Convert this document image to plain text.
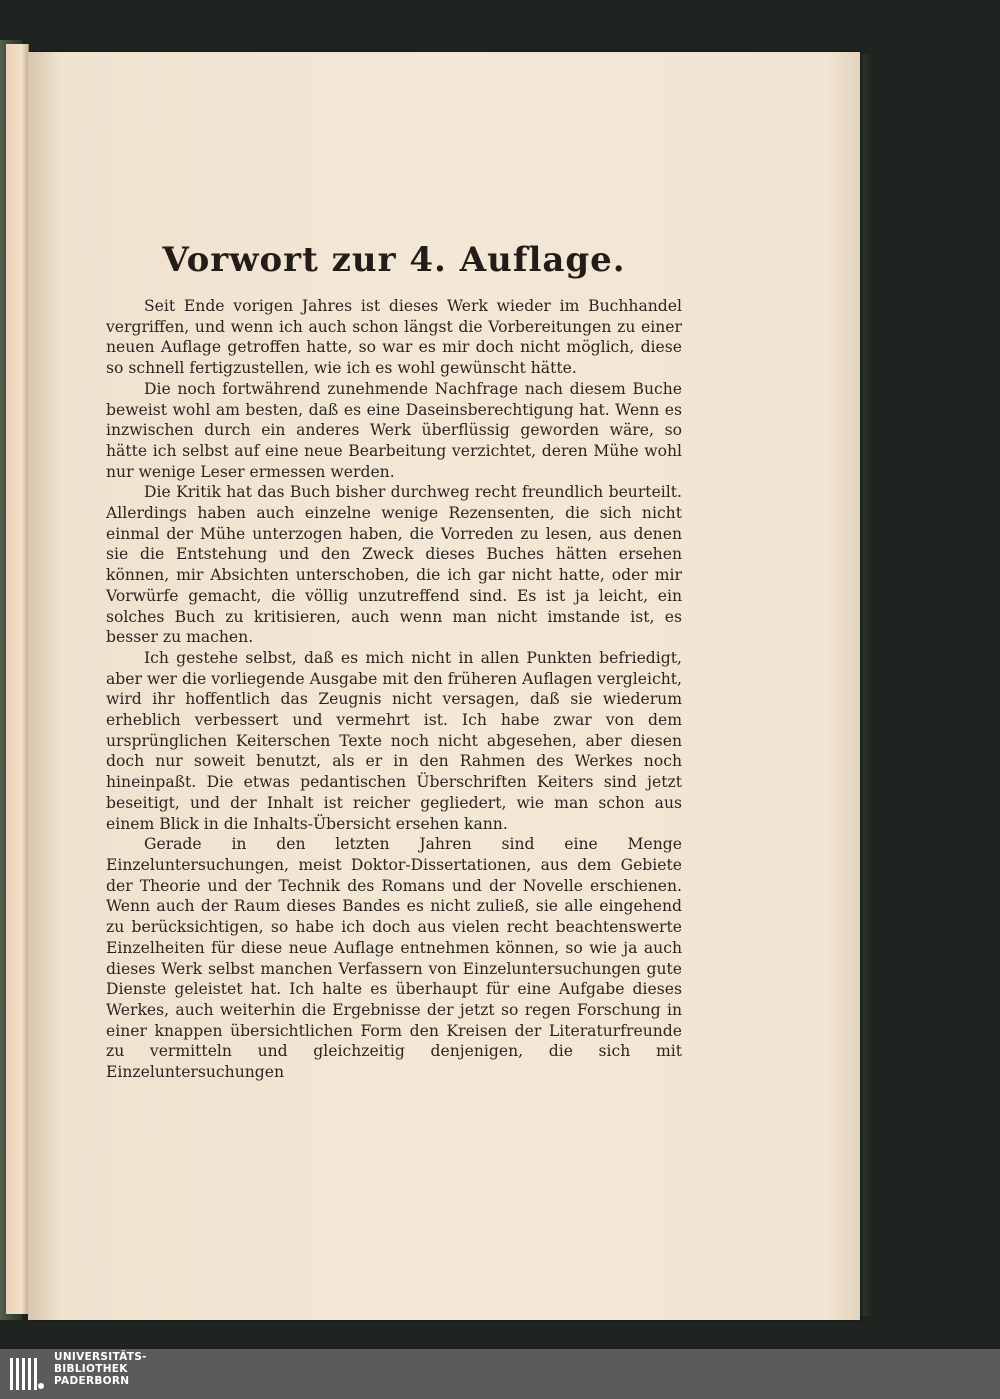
Vorwort zur 4. Auflage.

Seit Ende vorigen Jahres ist dieses Werk wieder im Buchhandel vergriffen, und wenn ich auch schon längst die Vorbereitungen zu einer neuen Auflage getroffen hatte, so war es mir doch nicht möglich, diese so schnell fertigzustellen, wie ich es wohl gewünscht hätte.

Die noch fortwährend zunehmende Nachfrage nach diesem Buche beweist wohl am besten, daß es eine Daseinsberechtigung hat. Wenn es inzwischen durch ein anderes Werk überflüssig geworden wäre, so hätte ich selbst auf eine neue Bearbeitung verzichtet, deren Mühe wohl nur wenige Leser ermessen werden.

Die Kritik hat das Buch bisher durchweg recht freundlich beurteilt. Allerdings haben auch einzelne wenige Rezensenten, die sich nicht einmal der Mühe unterzogen haben, die Vorreden zu lesen, aus denen sie die Entstehung und den Zweck dieses Buches hätten ersehen können, mir Absichten unterschoben, die ich gar nicht hatte, oder mir Vorwürfe gemacht, die völlig unzutreffend sind. Es ist ja leicht, ein solches Buch zu kritisieren, auch wenn man nicht imstande ist, es besser zu machen.

Ich gestehe selbst, daß es mich nicht in allen Punkten befriedigt, aber wer die vorliegende Ausgabe mit den früheren Auflagen vergleicht, wird ihr hoffentlich das Zeugnis nicht versagen, daß sie wiederum erheblich verbessert und vermehrt ist. Ich habe zwar von dem ursprünglichen Keiterschen Texte noch nicht abgesehen, aber diesen doch nur soweit benutzt, als er in den Rahmen des Werkes noch hineinpaßt. Die etwas pedantischen Überschriften Keiters sind jetzt beseitigt, und der Inhalt ist reicher gegliedert, wie man schon aus einem Blick in die Inhalts-Übersicht ersehen kann.

Gerade in den letzten Jahren sind eine Menge Einzeluntersuchungen, meist Doktor-Dissertationen, aus dem Gebiete der Theorie und der Technik des Romans und der Novelle erschienen. Wenn auch der Raum dieses Bandes es nicht zuließ, sie alle eingehend zu berücksichtigen, so habe ich doch aus vielen recht beachtenswerte Einzelheiten für diese neue Auflage entnehmen können, so wie ja auch dieses Werk selbst manchen Verfassern von Einzeluntersuchungen gute Dienste geleistet hat. Ich halte es überhaupt für eine Aufgabe dieses Werkes, auch weiterhin die Ergebnisse der jetzt so regen Forschung in einer knappen übersichtlichen Form den Kreisen der Literaturfreunde zu vermitteln und gleichzeitig denjenigen, die sich mit Einzeluntersuchungen

UNIVERSITÄTS-
BIBLIOTHEK
PADERBORN
